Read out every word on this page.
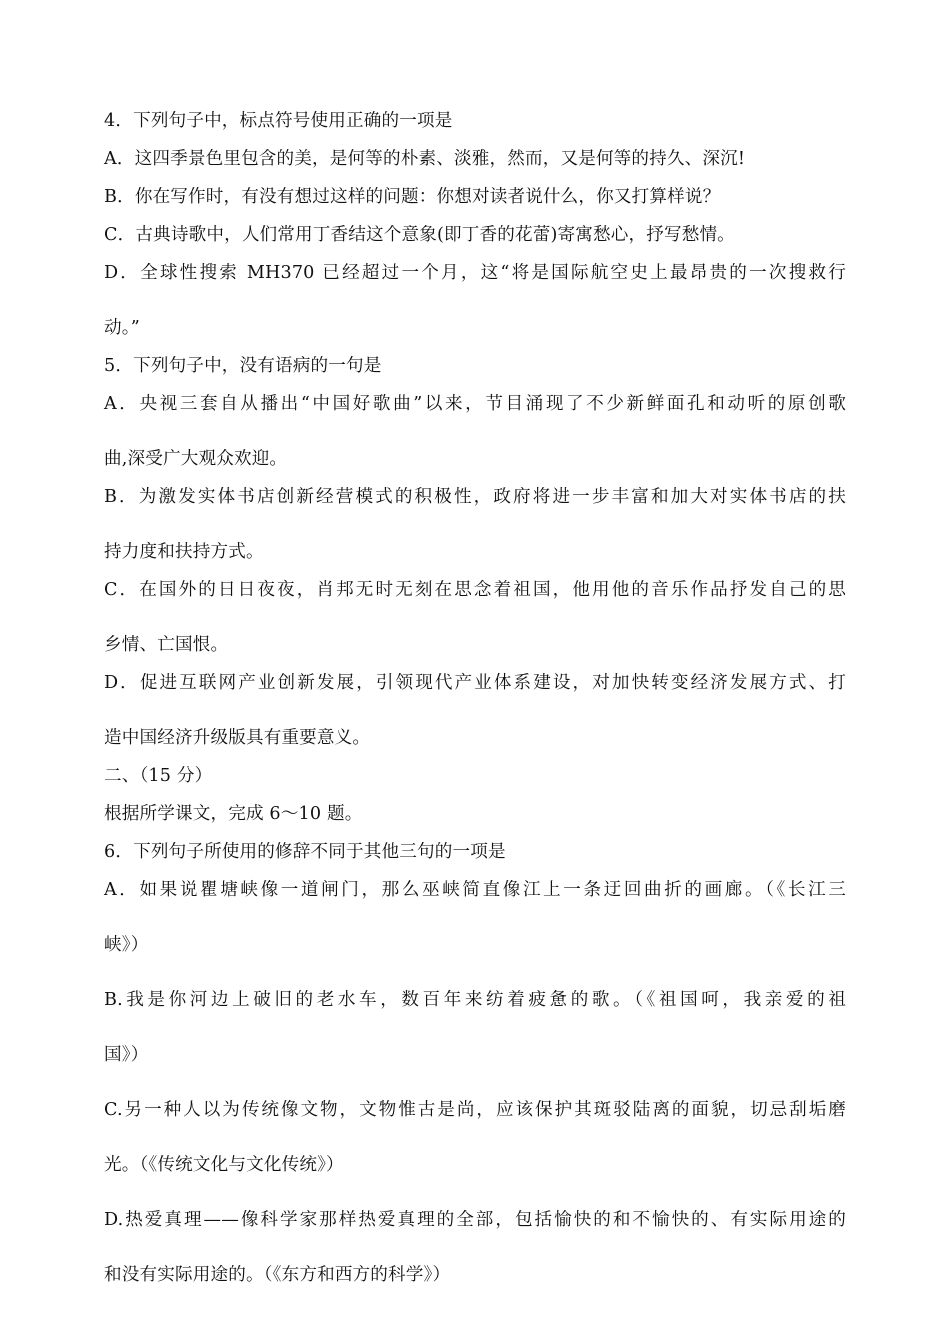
4．下列句子中，标点符号使用正确的一项是
A．这四季景色里包含的美，是何等的朴素、淡雅，然而，又是何等的持久、深沉!
B．你在写作时，有没有想过这样的问题：你想对读者说什么，你又打算样说？
C．古典诗歌中，人们常用丁香结这个意象(即丁香的花蕾)寄寓愁心，抒写愁情。
D．全球性搜索 MH370 已经超过一个月，这“将是国际航空史上最昂贵的一次搜救行
动。”
5．下列句子中，没有语病的一句是
A．央视三套自从播出“中国好歌曲”以来，节目涌现了不少新鲜面孔和动听的原创歌
曲,深受广大观众欢迎。
B．为激发实体书店创新经营模式的积极性，政府将进一步丰富和加大对实体书店的扶
持力度和扶持方式。
C．在国外的日日夜夜，肖邦无时无刻在思念着祖国，他用他的音乐作品抒发自己的思
乡情、亡国恨。
D．促进互联网产业创新发展，引领现代产业体系建设，对加快转变经济发展方式、打
造中国经济升级版具有重要意义。
二、（15 分）
根据所学课文，完成 6～10 题。
6．下列句子所使用的修辞不同于其他三句的一项是
A．如果说瞿塘峡像一道闸门，那么巫峡简直像江上一条迂回曲折的画廊。（《长江三
峡》）
B.我是你河边上破旧的老水车，数百年来纺着疲惫的歌。（《祖国呵，我亲爱的祖
国》）
C.另一种人以为传统像文物，文物惟古是尚，应该保护其斑驳陆离的面貌，切忌刮垢磨
光。（《传统文化与文化传统》）
D.热爱真理——像科学家那样热爱真理的全部，包括愉快的和不愉快的、有实际用途的
和没有实际用途的。（《东方和西方的科学》）
